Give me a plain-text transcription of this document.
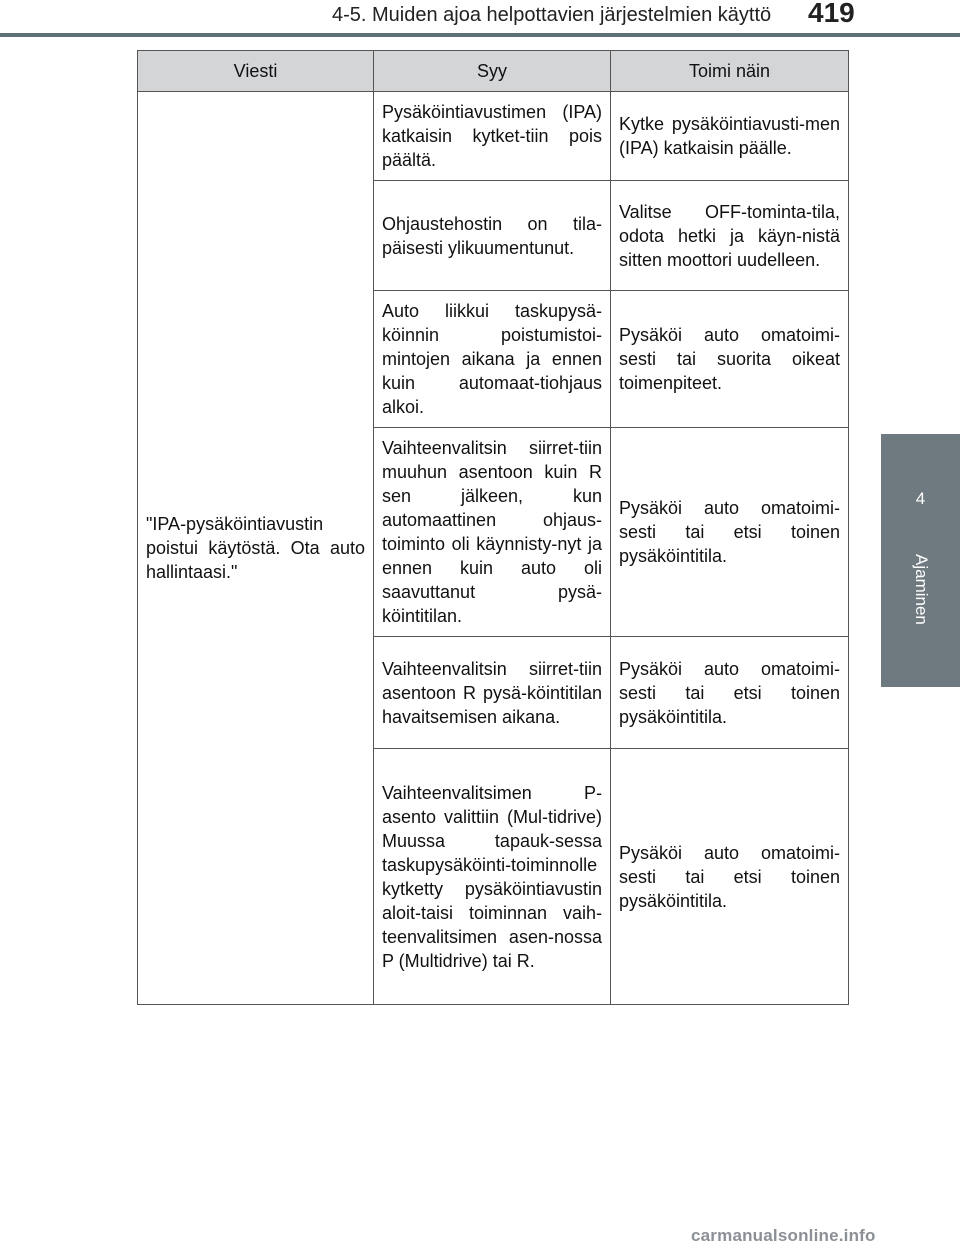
4-5. Muiden ajoa helpottavien järjestelmien käyttö	419
4
Ajaminen
Viesti	Syy	Toimi näin
"IPA-pysäköintiavustin poistui käytöstä. Ota auto hallintaasi."	Pysäköintiavustimen (IPA) katkaisin kytket-tiin pois päältä.	Kytke pysäköintiavusti-men (IPA) katkaisin päälle.
	Ohjaustehostin on tila-päisesti ylikuumentunut.	Valitse OFF-tominta-tila, odota hetki ja käyn-nistä sitten moottori uudelleen.
	Auto liikkui taskupysä-köinnin poistumistoi-mintojen aikana ja ennen kuin automaat-tiohjaus alkoi.	Pysäköi auto omatoimi-sesti tai suorita oikeat toimenpiteet.
	Vaihteenvalitsin siirret-tiin muuhun asentoon kuin R sen jälkeen, kun automaattinen ohjaus-toiminto oli käynnisty-nyt ja ennen kuin auto oli saavuttanut pysä-köintitilan.	Pysäköi auto omatoimi-sesti tai etsi toinen pysäköintitila.
	Vaihteenvalitsin siirret-tiin asentoon R pysä-köintitilan havaitsemisen aikana.	Pysäköi auto omatoimi-sesti tai etsi toinen pysäköintitila.
	Vaihteenvalitsimen P-asento valittiin (Mul-tidrive) Muussa tapauk-sessa taskupysäköinti-toiminnolle kytketty pysäköintiavustin aloit-taisi toiminnan vaih-teenvalitsimen asen-nossa P (Multidrive) tai R.	Pysäköi auto omatoimi-sesti tai etsi toinen pysäköintitila.
carmanualsonline.info
